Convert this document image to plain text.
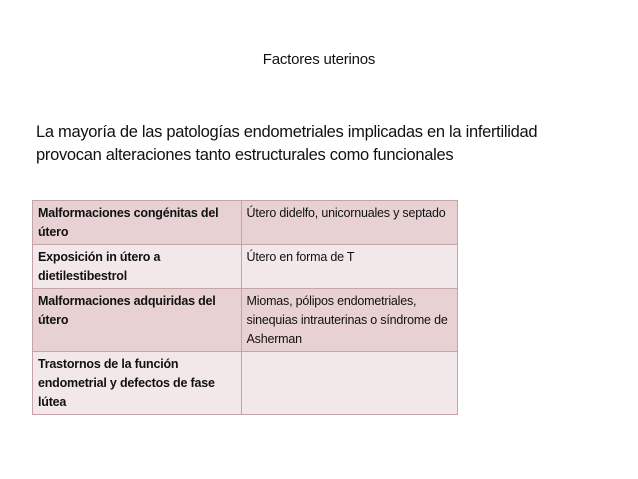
Factores uterinos
La mayoría de las patologías endometriales implicadas en la infertilidad
provocan alteraciones tanto estructurales como funcionales
Malformaciones congénitas del útero	Útero didelfo, unicornuales y septado
Exposición in útero a dietilestibestrol	Útero en forma de T
Malformaciones adquiridas del útero	Miomas, pólipos endometriales, sinequias intrauterinas o síndrome de Asherman
Trastornos de la función endometrial y defectos de fase lútea	
